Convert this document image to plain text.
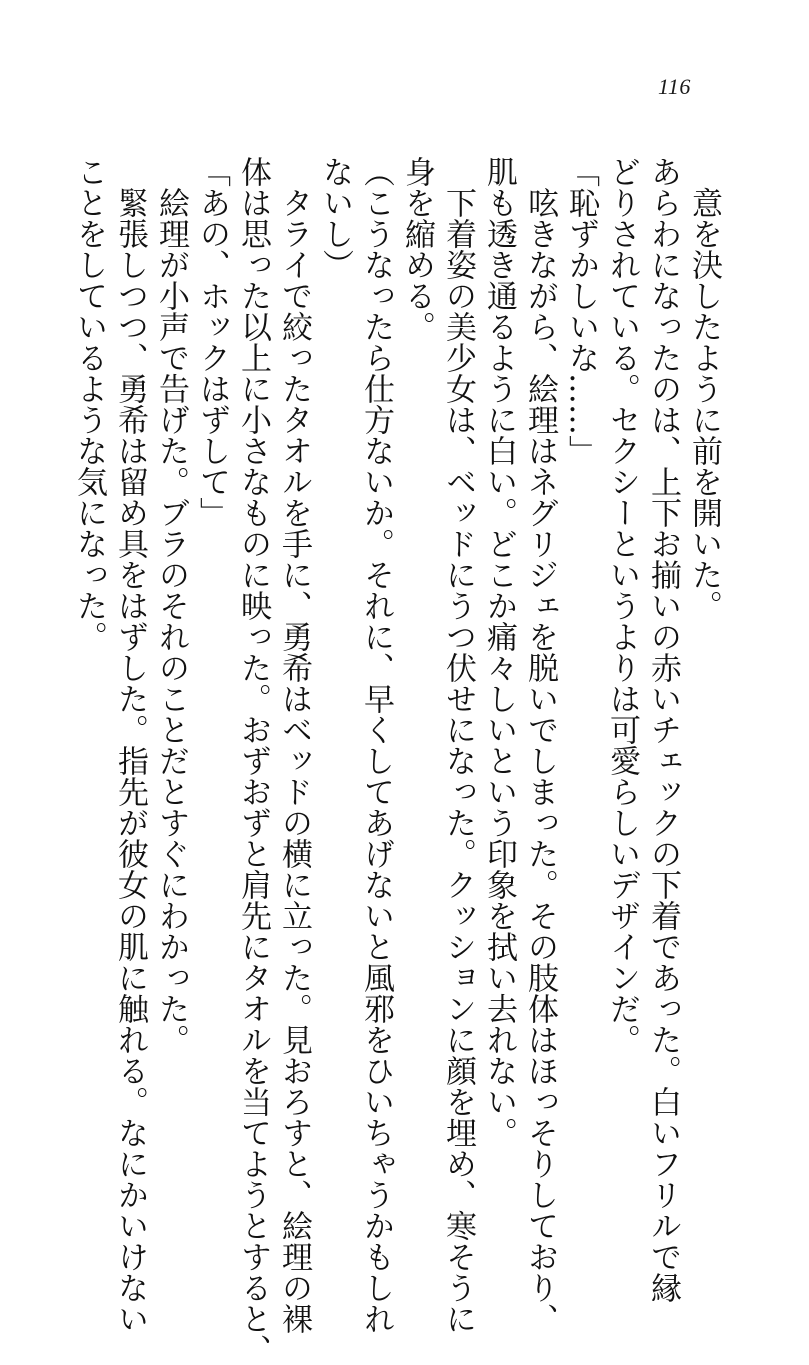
116
　意を決したように前を開いた。
あらわになったのは、上下お揃いの赤いチェックの下着であった。白いフリルで縁
どりされている。セクシーというよりは可愛らしいデザインだ。
「恥ずかしいな……」
　呟きながら、絵理はネグリジェを脱いでしまった。その肢体はほっそりしており、
肌も透き通るように白い。どこか痛々しいという印象を拭い去れない。
　下着姿の美少女は、ベッドにうつ伏せになった。クッションに顔を埋め、寒そうに
身を縮める。
（こうなったら仕方ないか。それに、早くしてあげないと風邪をひいちゃうかもしれ
ないし）
　タライで絞ったタオルを手に、勇希はベッドの横に立った。見おろすと、絵理の裸
体は思った以上に小さなものに映った。おずおずと肩先にタオルを当てようとすると、
「あの、ホックはずして」
　絵理が小声で告げた。ブラのそれのことだとすぐにわかった。
　緊張しつつ、勇希は留め具をはずした。指先が彼女の肌に触れる。なにかいけない
ことをしているような気になった。
